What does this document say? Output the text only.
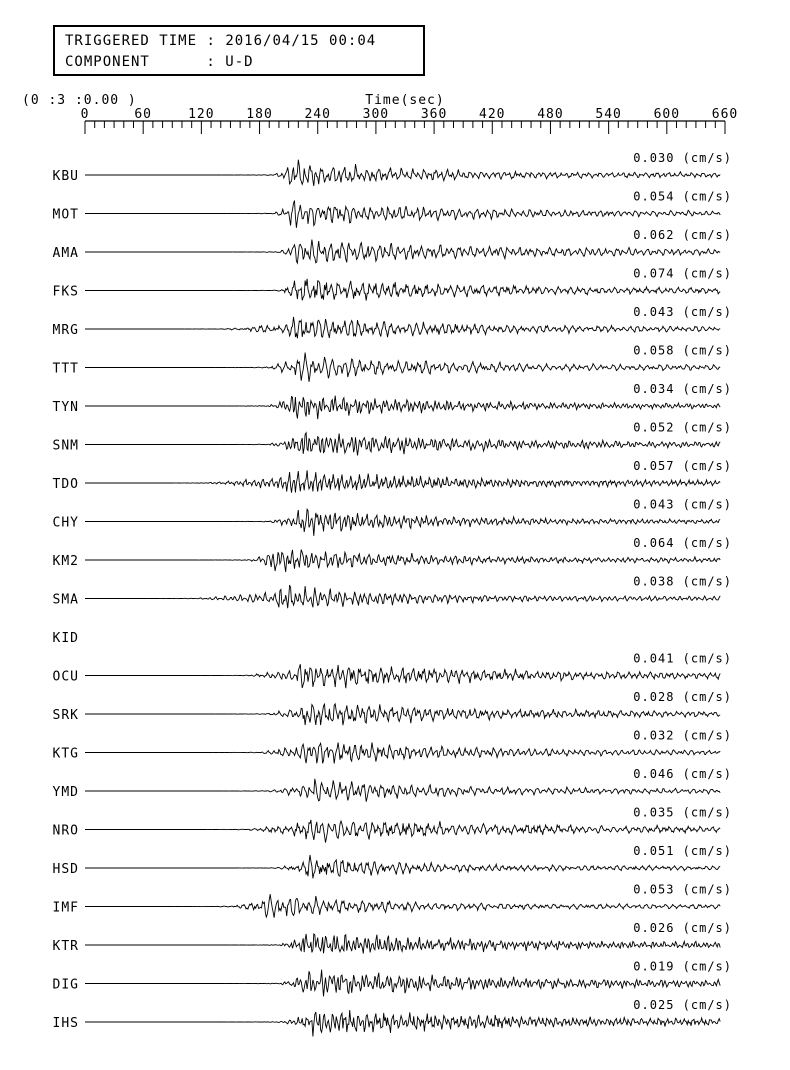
TRIGGERED TIME : 2016/04/15 00:04
COMPONENT      : U-D
(0 :3 :0.00 )	Time(sec)
0	60	120 180 240 300 360 420 480 540 600 660
KBU
0.030 (cm/s)
MOT
0.054 (cm/s)
AMA
0.062 (cm/s)
FKS
0.074 (cm/s)
MRG
0.043 (cm/s)
TTT
0.058 (cm/s)
TYN
0.034 (cm/s)
SNM
0.052 (cm/s)
TDO
0.057 (cm/s)
CHY
0.043 (cm/s)
KM2
0.064 (cm/s)
SMA
0.038 (cm/s)
KID
OCU
0.041 (cm/s)
SRK
0.028 (cm/s)
KTG
0.032 (cm/s)
YMD
0.046 (cm/s)
NRO
0.035 (cm/s)
HSD
0.051 (cm/s)
IMF
0.053 (cm/s)
KTR
0.026 (cm/s)
DIG
0.019 (cm/s)
IHS
0.025 (cm/s)
